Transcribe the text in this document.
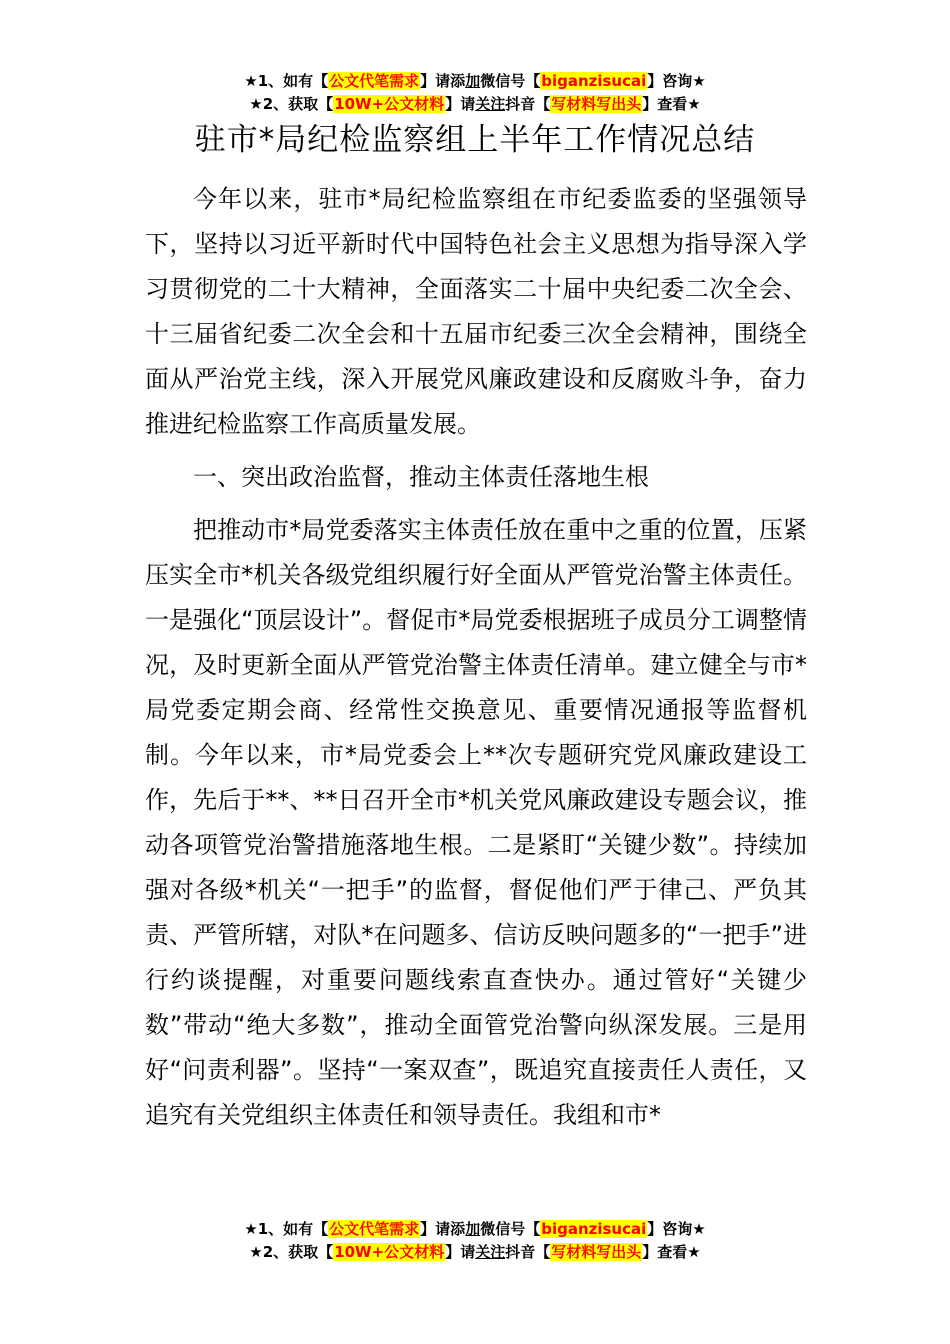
★1、如有【公文代笔需求】请添加微信号【biganzisucai】咨询★
★2、获取【10W+公文材料】请关注抖音【写材料写出头】查看★
驻市*局纪检监察组上半年工作情况总结

今年以来，驻市*局纪检监察组在市纪委监委的坚强领导下，坚持以习近平新时代中国特色社会主义思想为指导深入学习贯彻党的二十大精神，全面落实二十届中央纪委二次全会、十三届省纪委二次全会和十五届市纪委三次全会精神，围绕全面从严治党主线，深入开展党风廉政建设和反腐败斗争，奋力推进纪检监察工作高质量发展。

一、突出政治监督，推动主体责任落地生根

把推动市*局党委落实主体责任放在重中之重的位置，压紧压实全市*机关各级党组织履行好全面从严管党治警主体责任。一是强化“顶层设计”。督促市*局党委根据班子成员分工调整情况，及时更新全面从严管党治警主体责任清单。建立健全与市*局党委定期会商、经常性交换意见、重要情况通报等监督机制。今年以来，市*局党委会上**次专题研究党风廉政建设工作，先后于**、**日召开全市*机关党风廉政建设专题会议，推动各项管党治警措施落地生根。二是紧盯“关键少数”。持续加强对各级*机关“一把手”的监督，督促他们严于律己、严负其责、严管所辖，对队*在问题多、信访反映问题多的“一把手”进行约谈提醒，对重要问题线索直查快办。通过管好“关键少数”带动“绝大多数”，推动全面管党治警向纵深发展。三是用好“问责利器”。坚持“一案双查”，既追究直接责任人责任，又追究有关党组织主体责任和领导责任。我组和市*

★1、如有【公文代笔需求】请添加微信号【biganzisucai】咨询★
★2、获取【10W+公文材料】请关注抖音【写材料写出头】查看★
